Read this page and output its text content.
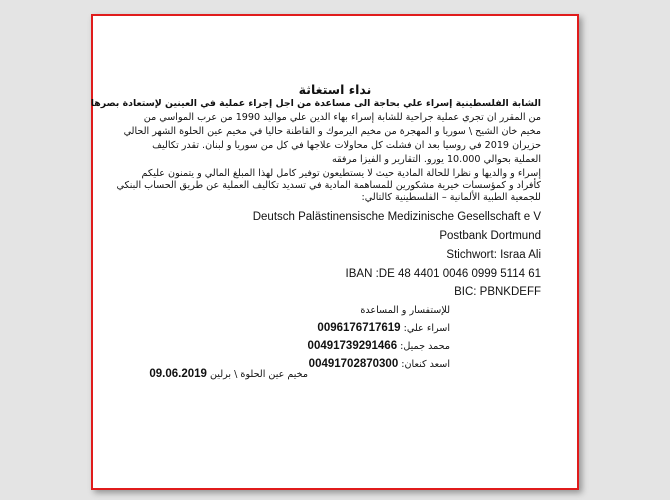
نداء استغاثة
الشابة الفلسطينية إسراء علي بحاجة الى مساعدة من اجل إجراء عملية في العينين لإستعادة بصرها
من المقرر ان تجري عملية جراحية للشابة إسراء بهاء الدين علي مواليد 1990 من عرب المواسي من
مخيم خان الشيح \ سوريا و المهجرة من مخيم اليرموك و القاطنة حاليا في مخيم عين الحلوة الشهر الحالي
حزيران 2019 في روسيا بعد ان فشلت كل محاولات علاجها في كل من سوريا و لبنان. تقدر تكاليف
العملية بحوالي 10.000 يورو. التقارير و الفيزا مرفقه
إسراء و والديها و نظرا للحالة المادية حيث لا يستطيعون توفير كامل لهذا المبلغ المالي و يتمنون عليكم
كأفراد و كمؤسسات خيرية مشكورين للمساهمة المادية في تسديد تكاليف العملية عن طريق الحساب البنكي
للجمعية الطبية الألمانية – الفلسطينية كالتالي:
Deutsch Palästinensische Medizinische Gesellschaft e V
Postbank Dortmund
Stichwort: Israa Ali
IBAN :DE 48 4401 0046 0999 5114 61
BIC: PBNKDEFF
للإستفسار و المساعدة
اسراء علي: 0096176717619
محمد جميل: 00491739291466
اسعد كنعان: 00491702870300
مخيم عين الحلوة \ برلين 09.06.2019
